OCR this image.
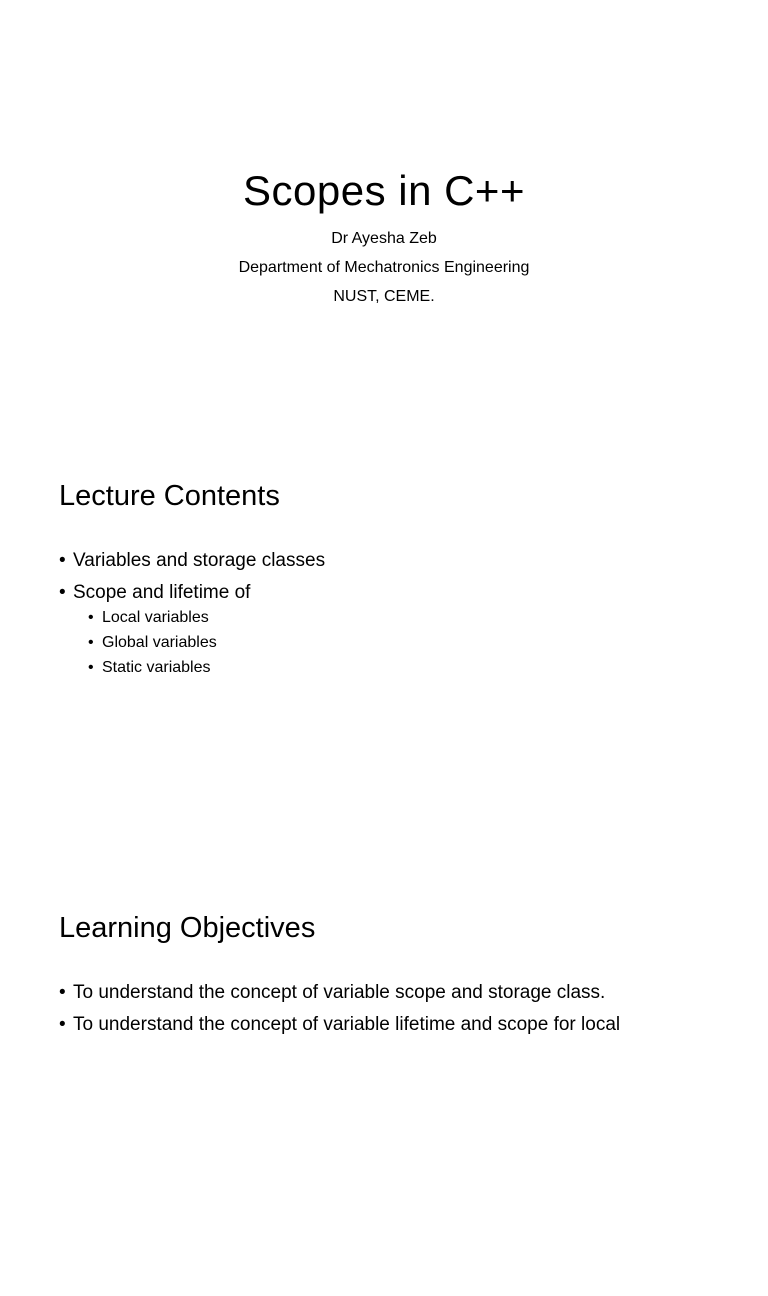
Scopes in C++
Dr Ayesha Zeb
Department of Mechatronics Engineering
NUST, CEME.
Lecture Contents
• Variables and storage classes
• Scope and lifetime of
• Local variables
• Global variables
• Static variables
Learning Objectives
• To understand the concept of variable scope and storage class.
• To understand the concept of variable lifetime and scope for local
